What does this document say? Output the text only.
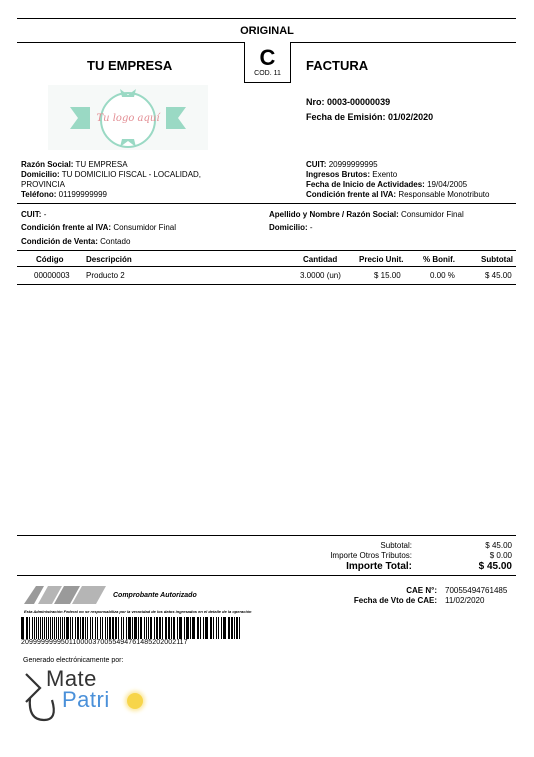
ORIGINAL
C
COD. 11
TU EMPRESA	FACTURA
Tu logo aquí
Nro: 0003-00000039
Fecha de Emisión: 01/02/2020
Razón Social: TU EMPRESA
Domicilio: TU DOMICILIO FISCAL - LOCALIDAD,
PROVINCIA
Teléfono: 01199999999
CUIT: 20999999995
Ingresos Brutos: Exento
Fecha de Inicio de Actividades: 19/04/2005
Condición frente al IVA: Responsable Monotributo
CUIT: -	Apellido y Nombre / Razón Social: Consumidor Final
Condición frente al IVA: Consumidor Final	Domicilio: -
Condición de Venta: Contado
Código	Descripción	Cantidad	Precio Unit. % Bonif.	Subtotal
00000003 Producto 2	3.0000 (un)	$ 15.00	0.00 %	$ 45.00
Subtotal:	$ 45.00
Importe Otros Tributos:	$ 0.00
Importe Total:	$ 45.00
Comprobante Autorizado
Esta Administración Federal no se responsabiliza por la veracidad de los datos ingresados en el detalle de la operación
CAE N°: 70055494761485
Fecha de Vto de CAE: 11/02/2020
20999999995011000037005549476148520200211​7
Generado electrónicamente por:
Mate
Patri
